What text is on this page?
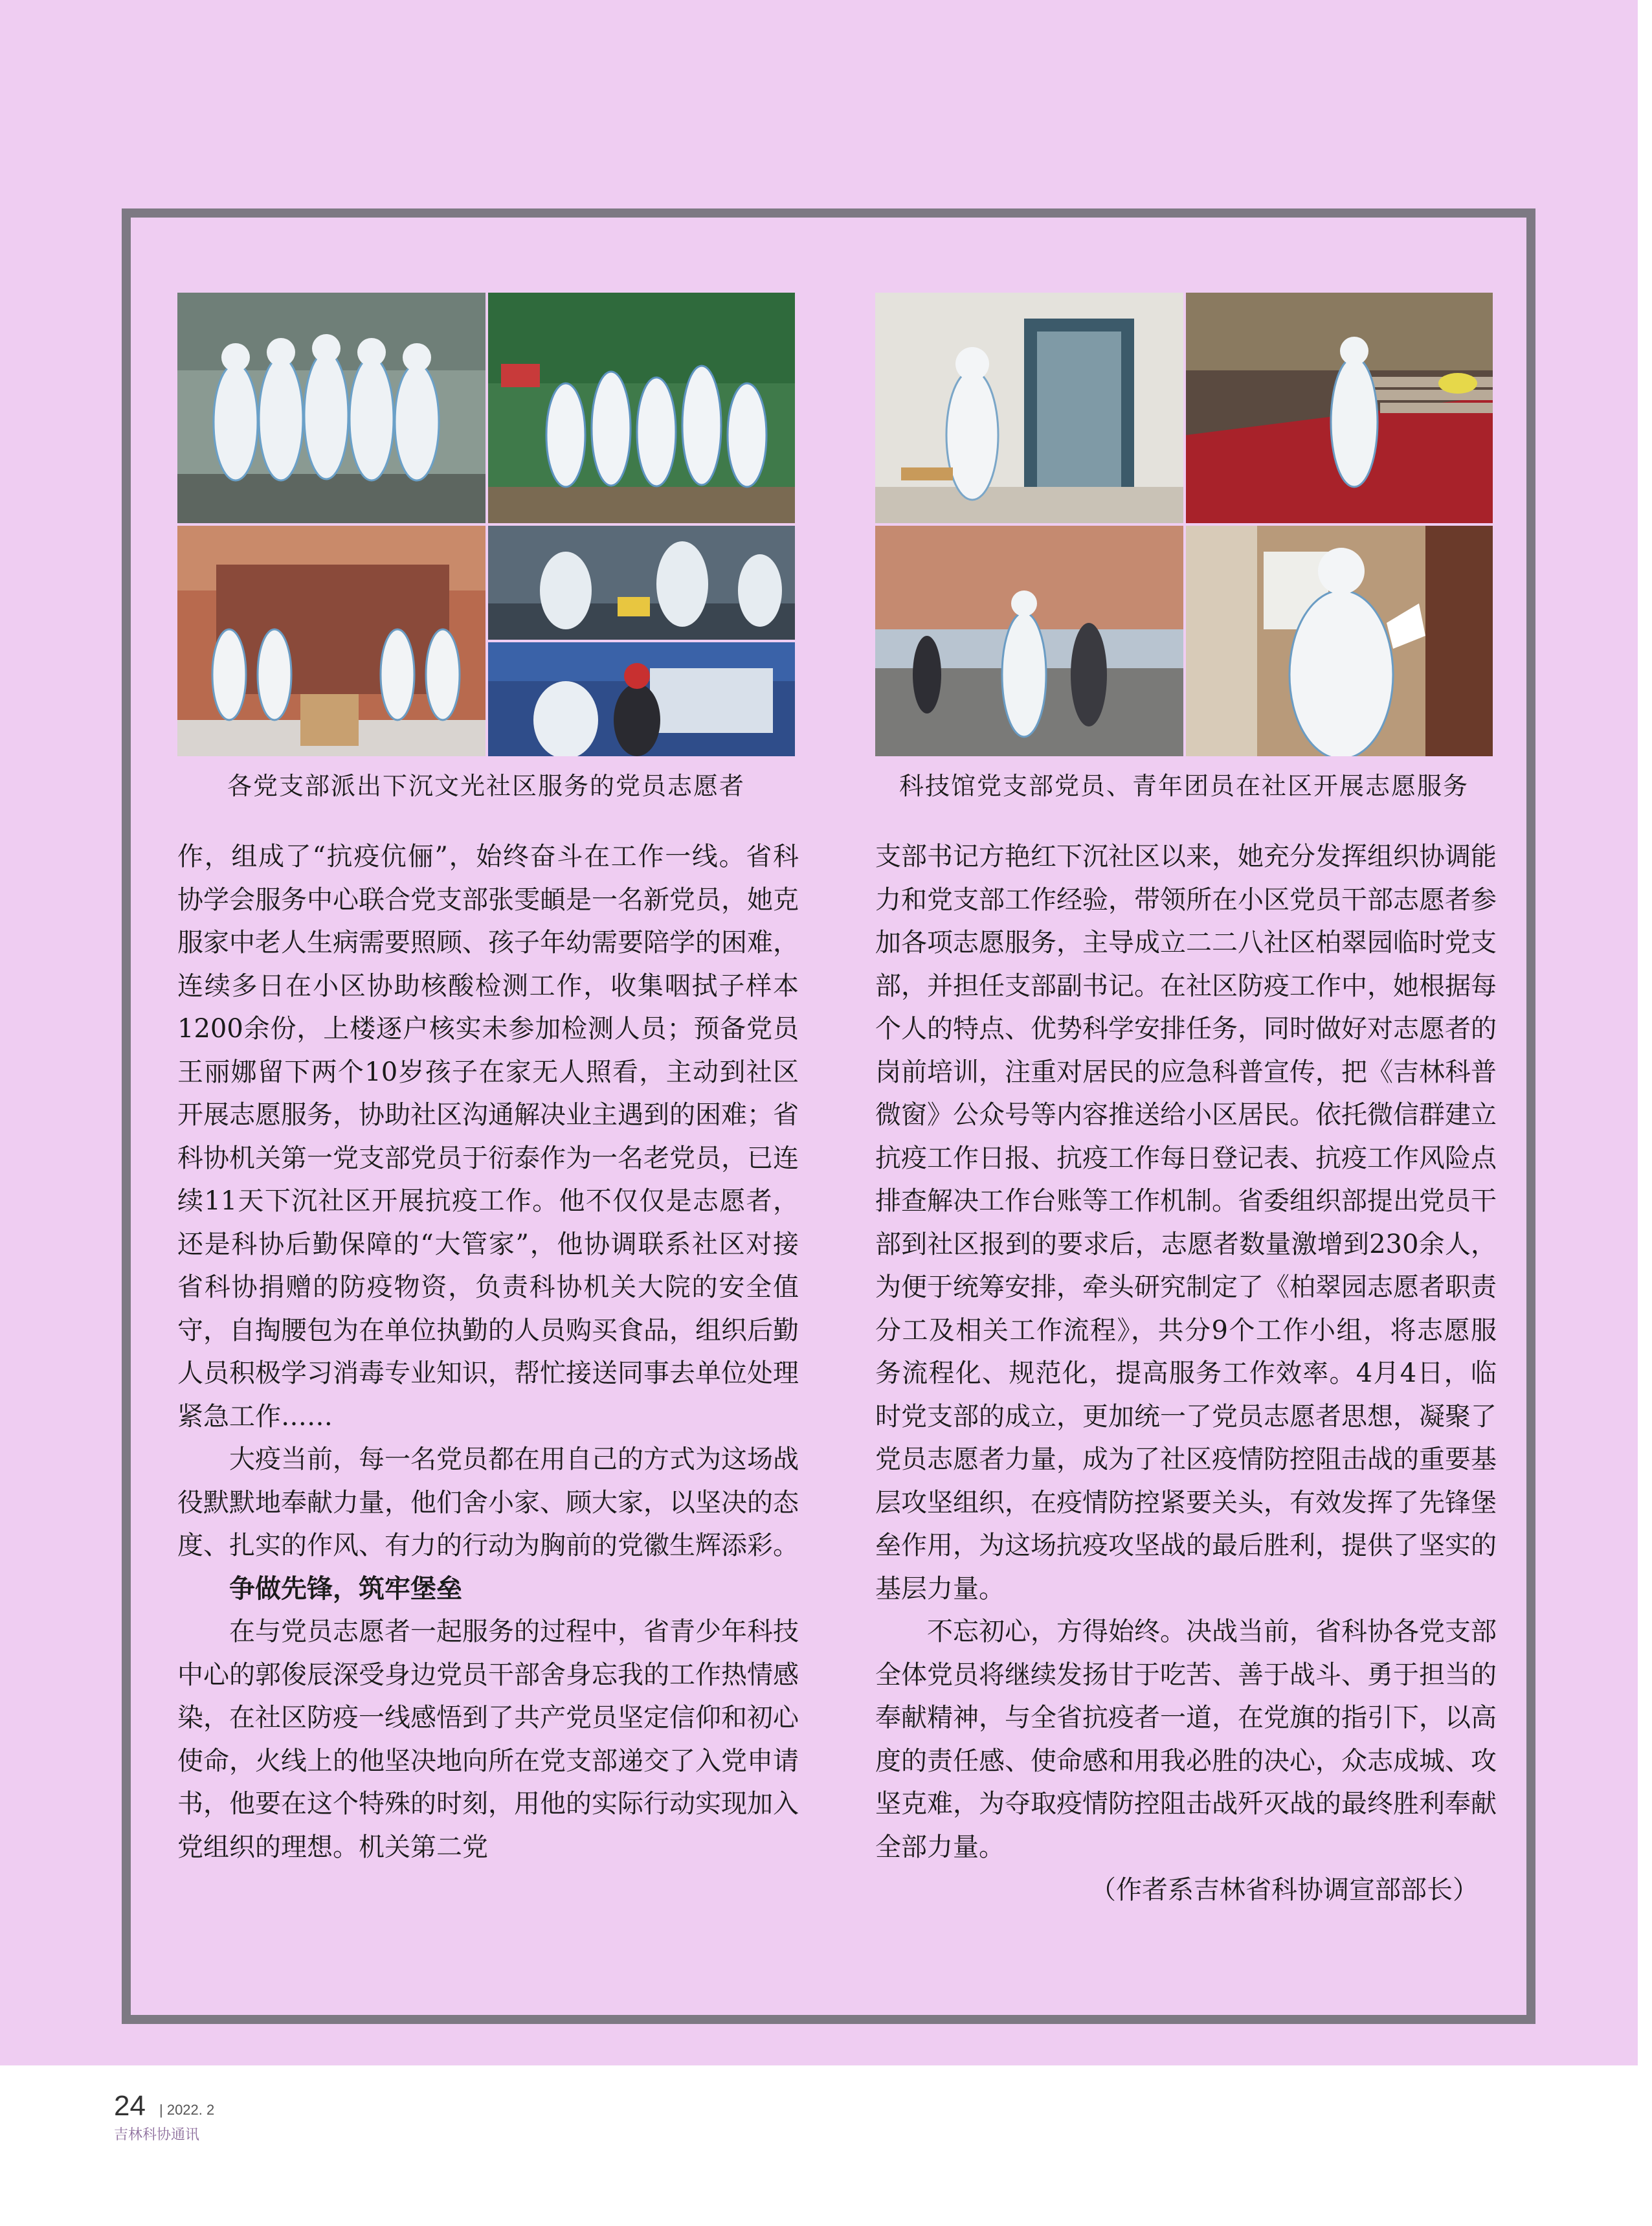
各党支部派出下沉文光社区服务的党员志愿者	科技馆党支部党员、青年团员在社区开展志愿服务

作，组成了“抗疫伉俪”，始终奋斗在工作一线。省科协学会服务中心联合党支部张雯頔是一名新党员，她克服家中老人生病需要照顾、孩子年幼需要陪学的困难，连续多日在小区协助核酸检测工作，收集咽拭子样本1200余份，上楼逐户核实未参加检测人员；预备党员王丽娜留下两个10岁孩子在家无人照看，主动到社区开展志愿服务，协助社区沟通解决业主遇到的困难；省科协机关第一党支部党员于衍泰作为一名老党员，已连续11天下沉社区开展抗疫工作。他不仅仅是志愿者，还是科协后勤保障的“大管家”，他协调联系社区对接省科协捐赠的防疫物资，负责科协机关大院的安全值守，自掏腰包为在单位执勤的人员购买食品，组织后勤人员积极学习消毒专业知识，帮忙接送同事去单位处理紧急工作……

大疫当前，每一名党员都在用自己的方式为这场战役默默地奉献力量，他们舍小家、顾大家，以坚决的态度、扎实的作风、有力的行动为胸前的党徽生辉添彩。

争做先锋，筑牢堡垒

在与党员志愿者一起服务的过程中，省青少年科技中心的郭俊辰深受身边党员干部舍身忘我的工作热情感染，在社区防疫一线感悟到了共产党员坚定信仰和初心使命，火线上的他坚决地向所在党支部递交了入党申请书，他要在这个特殊的时刻，用他的实际行动实现加入党组织的理想。机关第二党

支部书记方艳红下沉社区以来，她充分发挥组织协调能力和党支部工作经验，带领所在小区党员干部志愿者参加各项志愿服务，主导成立二二八社区柏翠园临时党支部，并担任支部副书记。在社区防疫工作中，她根据每个人的特点、优势科学安排任务，同时做好对志愿者的岗前培训，注重对居民的应急科普宣传，把《吉林科普微窗》公众号等内容推送给小区居民。依托微信群建立抗疫工作日报、抗疫工作每日登记表、抗疫工作风险点排查解决工作台账等工作机制。省委组织部提出党员干部到社区报到的要求后，志愿者数量激增到230余人，为便于统筹安排，牵头研究制定了《柏翠园志愿者职责分工及相关工作流程》，共分9个工作小组，将志愿服务流程化、规范化，提高服务工作效率。4月4日，临时党支部的成立，更加统一了党员志愿者思想，凝聚了党员志愿者力量，成为了社区疫情防控阻击战的重要基层攻坚组织，在疫情防控紧要关头，有效发挥了先锋堡垒作用，为这场抗疫攻坚战的最后胜利，提供了坚实的基层力量。

不忘初心，方得始终。决战当前，省科协各党支部全体党员将继续发扬甘于吃苦、善于战斗、勇于担当的奉献精神，与全省抗疫者一道，在党旗的指引下，以高度的责任感、使命感和用我必胜的决心，众志成城、攻坚克难，为夺取疫情防控阻击战歼灭战的最终胜利奉献全部力量。

（作者系吉林省科协调宣部部长）

24 | 2022. 2
吉林科协通讯
